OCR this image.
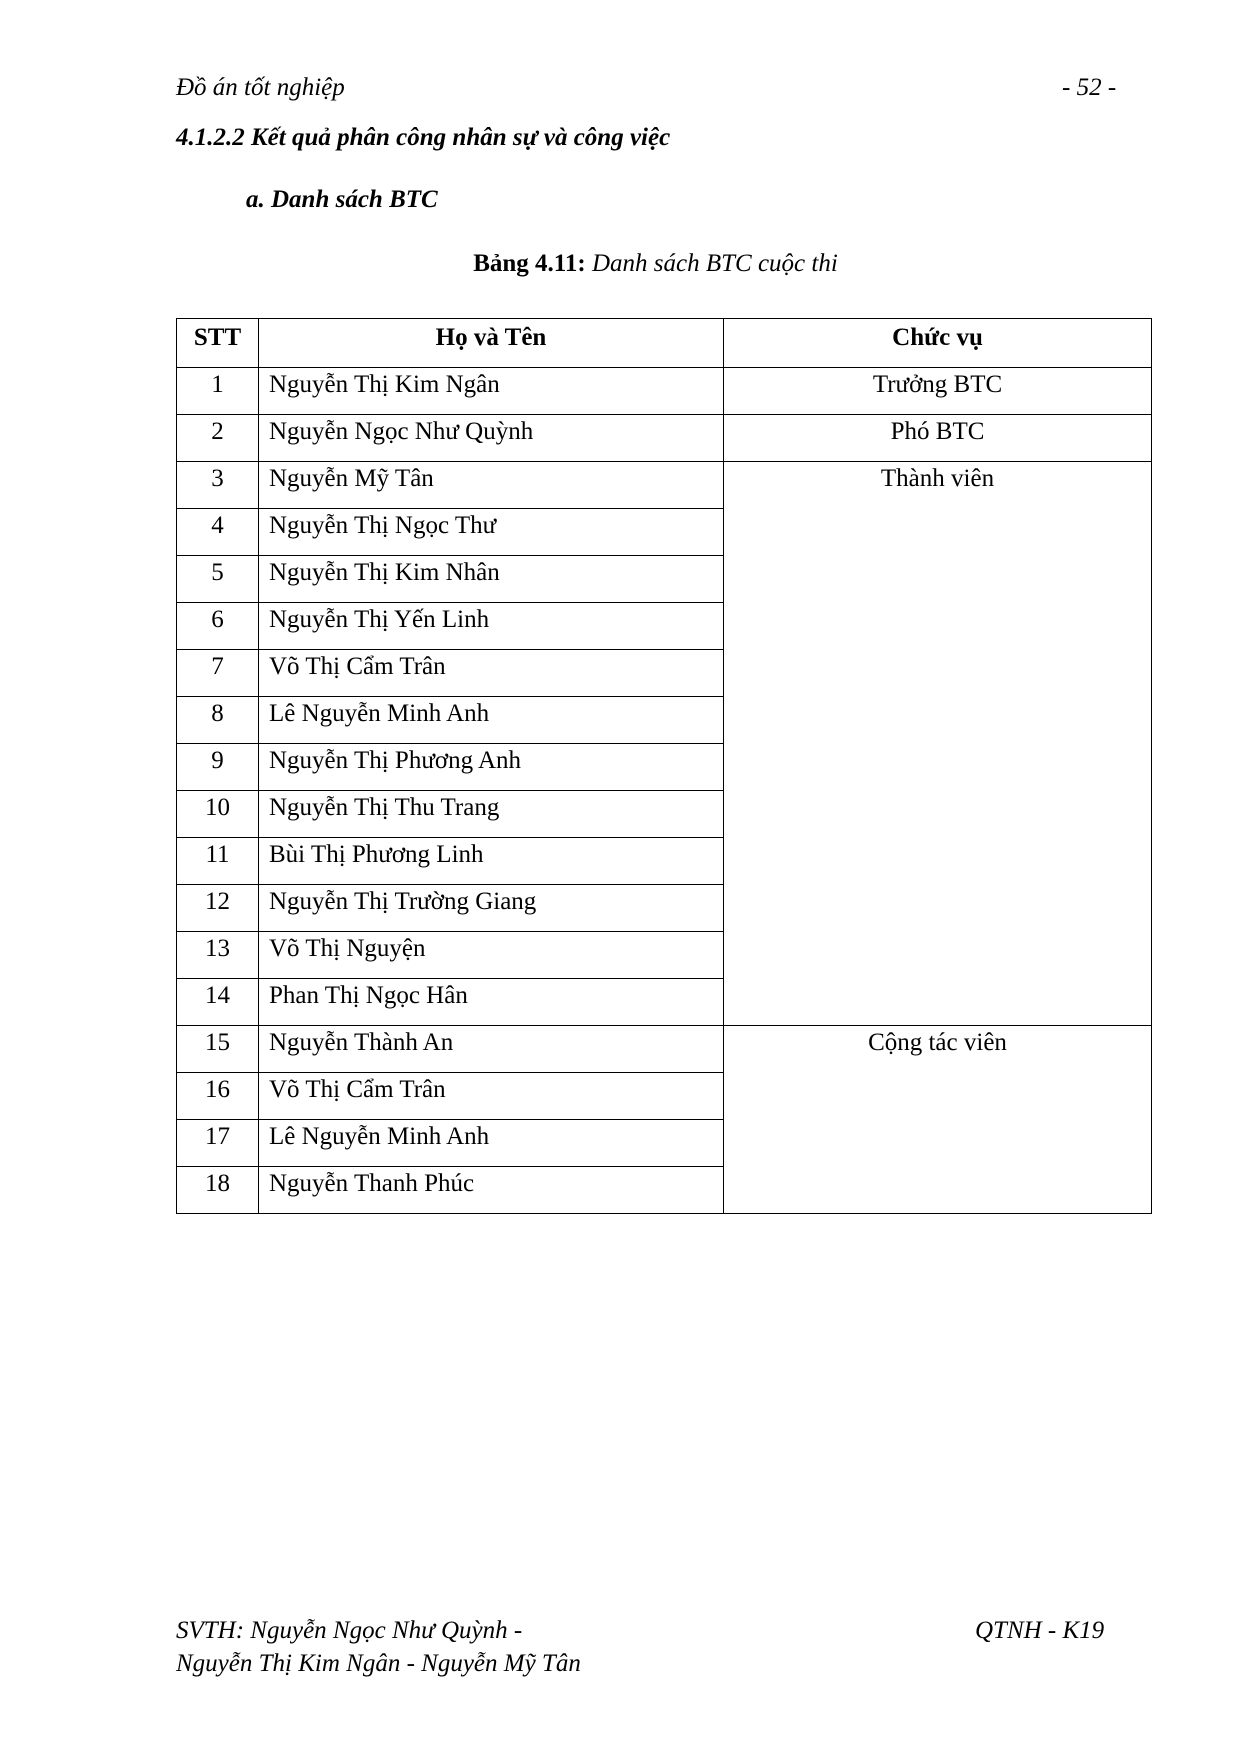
Đồ án tốt nghiệp	- 52 -
4.1.2.2 Kết quả phân công nhân sự và công việc
a. Danh sách BTC
Bảng 4.11: Danh sách BTC cuộc thi
STT	Họ và Tên	Chức vụ
1	Nguyễn Thị Kim Ngân	Trưởng BTC
2	Nguyễn Ngọc Như Quỳnh	Phó BTC
3	Nguyễn Mỹ Tân	Thành viên
4	Nguyễn Thị Ngọc Thư	
5	Nguyễn Thị Kim Nhân	
6	Nguyễn Thị Yến Linh	
7	Võ Thị Cẩm Trân	
8	Lê Nguyễn Minh Anh	
9	Nguyễn Thị Phương Anh	
10	Nguyễn Thị Thu Trang	
11	Bùi Thị Phương Linh	
12	Nguyễn Thị Trường Giang	
13	Võ Thị Nguyện	
14	Phan Thị Ngọc Hân	
15	Nguyễn Thành An	Cộng tác viên
16	Võ Thị Cẩm Trân	
17	Lê Nguyễn Minh Anh	
18	Nguyễn Thanh Phúc	
SVTH: Nguyễn Ngọc Như Quỳnh -
Nguyễn Thị Kim Ngân - Nguyễn Mỹ Tân
QTNH - K19
